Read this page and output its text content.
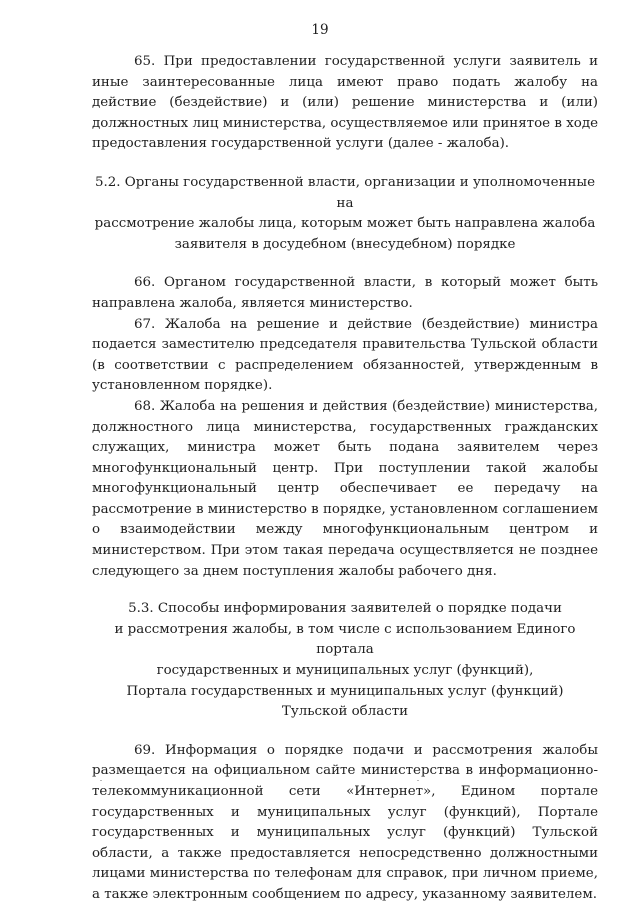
19

65. При предоставлении государственной услуги заявитель и иные заинтересованные лица имеют право подать жалобу на действие (бездействие) и (или) решение министерства и (или) должностных лиц министерства, осуществляемое или принятое в ходе предоставления государственной услуги (далее - жалоба).

5.2. Органы государственной власти, организации и уполномоченные на
рассмотрение жалобы лица, которым может быть направлена жалоба
заявителя в досудебном (внесудебном) порядке

66. Органом государственной власти, в который может быть направлена жалоба, является министерство.

67. Жалоба на решение и действие (бездействие) министра подается заместителю председателя правительства Тульской области (в соответствии с распределением обязанностей, утвержденным в установленном порядке).

68. Жалоба на решения и действия (бездействие) министерства, должностного лица министерства, государственных гражданских служащих, министра может быть подана заявителем через многофункциональный центр. При поступлении такой жалобы многофункциональный центр обеспечивает ее передачу на рассмотрение в министерство в порядке, установленном соглашением о взаимодействии между многофункциональным центром и министерством. При этом такая передача осуществляется не позднее следующего за днем поступления жалобы рабочего дня.

5.3. Способы информирования заявителей о порядке подачи
и рассмотрения жалобы, в том числе с использованием Единого портала
государственных и муниципальных услуг (функций),
Портала государственных и муниципальных услуг (функций)
Тульской области

69. Информация о порядке подачи и рассмотрения жалобы размещается на официальном сайте министерства в информационно-телекоммуникационной сети «Интернет», Едином портале государственных и муниципальных услуг (функций), Портале государственных и муниципальных услуг (функций) Тульской области, а также предоставляется непосредственно должностными лицами министерства по телефонам для справок, при личном приеме, а также электронным сообщением по адресу, указанному заявителем.
